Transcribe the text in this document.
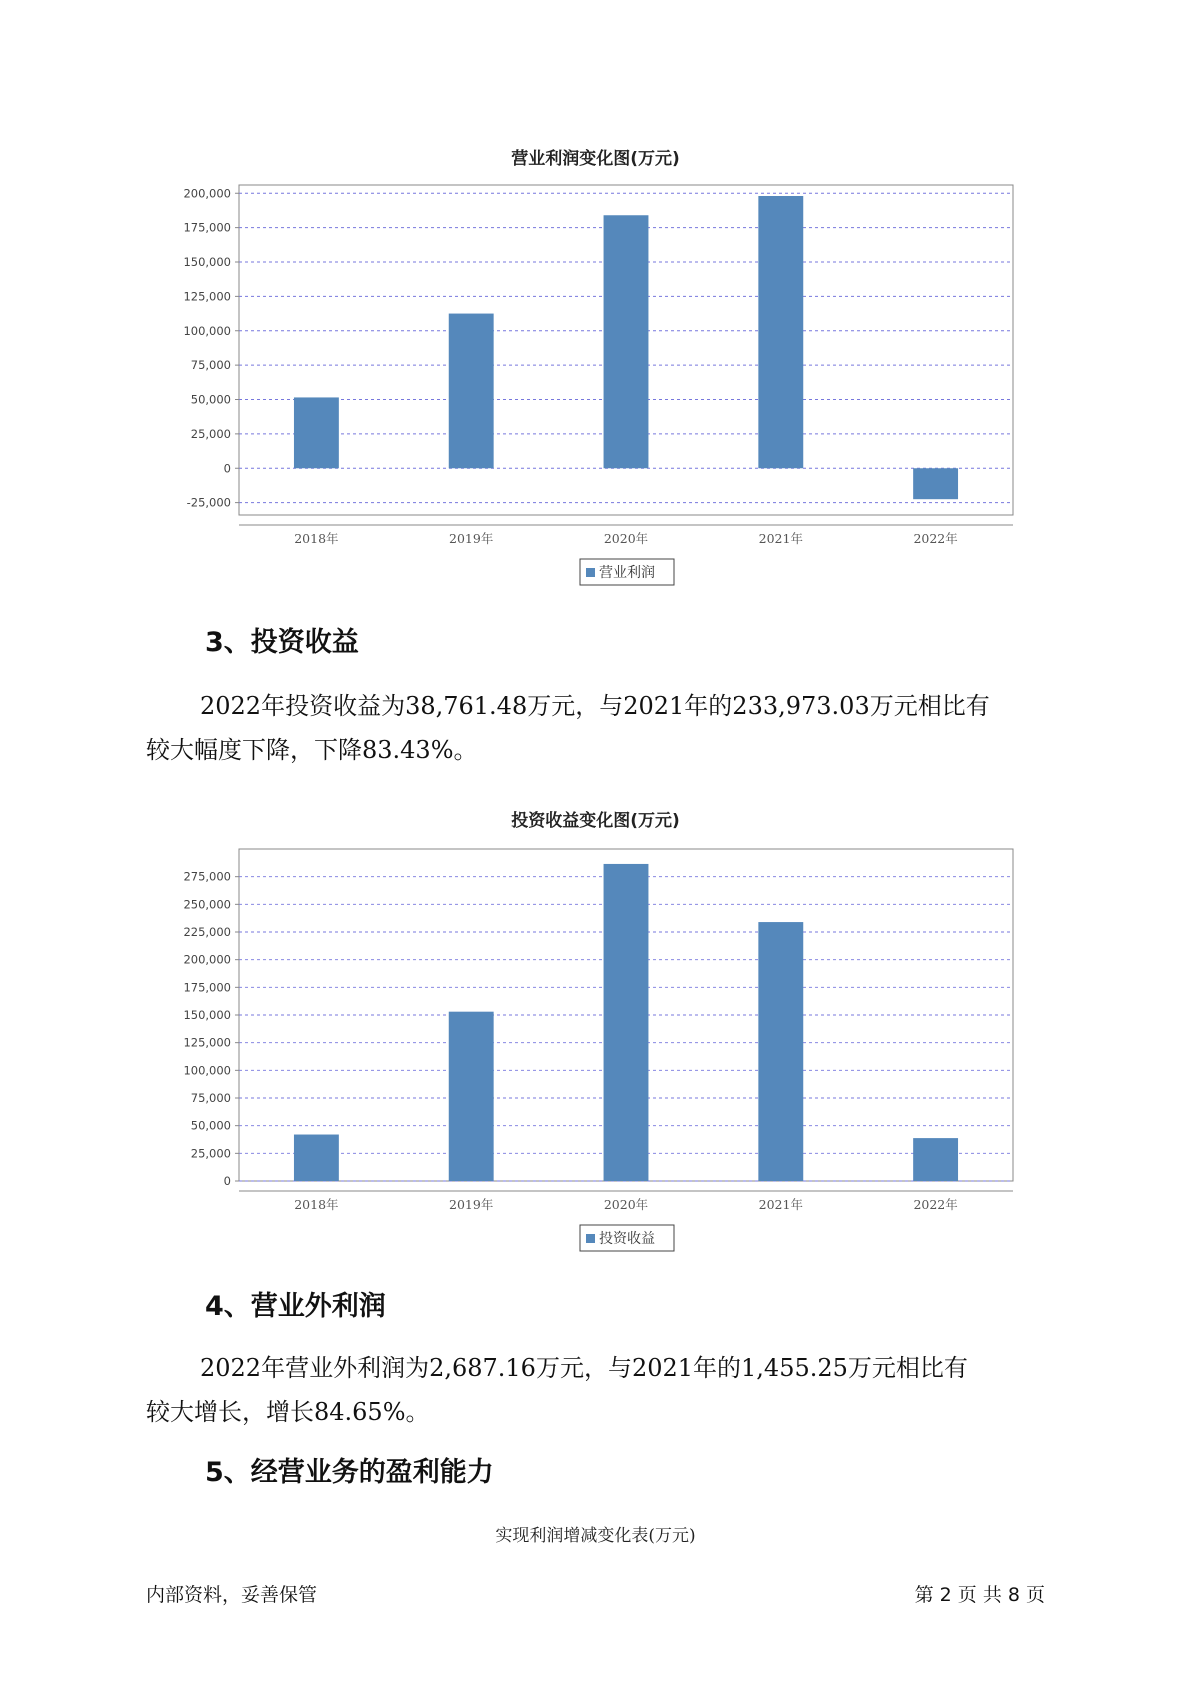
营业利润变化图(万元)
200,000
175,000
150,000
125,000
100,000
75,000
50,000
25,000
0
-25,000
2018年	2019年	2020年	2021年	2022年
营业利润
3、投资收益
2022年投资收益为38,761.48万元，与2021年的233,973.03万元相比有
较大幅度下降，下降83.43%。
投资收益变化图(万元)
275,000
250,000
225,000
200,000
175,000
150,000
125,000
100,000
75,000
50,000
25,000
0
2018年	2019年	2020年	2021年	2022年
投资收益
4、营业外利润
2022年营业外利润为2,687.16万元，与2021年的1,455.25万元相比有
较大增长，增长84.65%。
5、经营业务的盈利能力
实现利润增减变化表(万元)
内部资料，妥善保管	第 2 页 共 8 页
